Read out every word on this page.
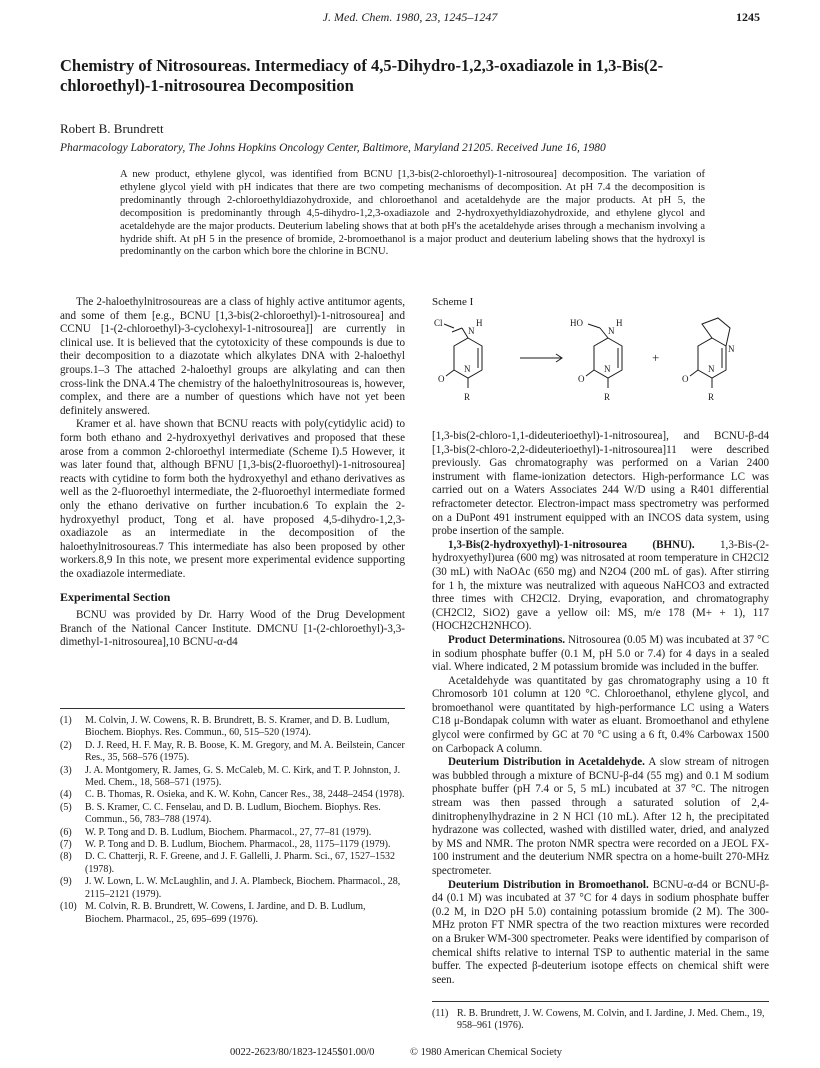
J. Med. Chem. 1980, 23, 1245–1247	1245
Chemistry of Nitrosoureas. Intermediacy of 4,5-Dihydro-1,2,3-oxadiazole in 1,3-Bis(2-chloroethyl)-1-nitrosourea Decomposition
Robert B. Brundrett
Pharmacology Laboratory, The Johns Hopkins Oncology Center, Baltimore, Maryland 21205. Received June 16, 1980

A new product, ethylene glycol, was identified from BCNU [1,3-bis(2-chloroethyl)-1-nitrosourea] decomposition. The variation of ethylene glycol yield with pH indicates that there are two competing mechanisms of decomposition. At pH 7.4 the decomposition is predominantly through 2-chloroethyldiazohydroxide, and chloroethanol and acetaldehyde are the major products. At pH 5, the decomposition is predominantly through 4,5-dihydro-1,2,3-oxadiazole and 2-hydroxyethyldiazohydroxide, and ethylene glycol and acetaldehyde are the major products. Deuterium labeling shows that at both pH's the acetaldehyde arises through a mechanism involving a hydride shift. At pH 5 in the presence of bromide, 2-bromoethanol is a major product and deuterium labeling shows that the hydroxyl is predominantly on the carbon which bore the chlorine in BCNU.

The 2-haloethylnitrosoureas are a class of highly active antitumor agents, and some of them [e.g., BCNU [1,3-bis(2-chloroethyl)-1-nitrosourea] and CCNU [1-(2-chloroethyl)-3-cyclohexyl-1-nitrosourea]] are currently in clinical use. It is believed that the cytotoxicity of these compounds is due to their decomposition to a diazotate which alkylates DNA with 2-haloethyl groups.1–3 The attached 2-haloethyl groups are alkylating and can then cross-link the DNA.4 The chemistry of the haloethylnitrosoureas is, however, complex, and there are a number of questions which have not yet been definitely answered.

Kramer et al. have shown that BCNU reacts with poly(cytidylic acid) to form both ethano and 2-hydroxyethyl derivatives and proposed that these arose from a common 2-chloroethyl intermediate (Scheme I).5 However, it was later found that, although BFNU [1,3-bis(2-fluoroethyl)-1-nitrosourea] reacts with cytidine to form both the hydroxyethyl and ethano derivatives as well as the 2-fluoroethyl intermediate, the 2-fluoroethyl intermediate formed only the ethano derivative on further incubation.6 To explain the 2-hydroxyethyl product, Tong et al. have proposed 4,5-dihydro-1,2,3-oxadiazole as an intermediate in the decomposition of the haloethylnitrosoureas.7 This intermediate has also been proposed by other workers.8,9 In this note, we present more experimental evidence supporting the oxadiazole intermediate.

Experimental Section

BCNU was provided by Dr. Harry Wood of the Drug Development Branch of the National Cancer Institute. DMCNU [1-(2-chloroethyl)-3,3-dimethyl-1-nitrosourea],10 BCNU-α-d4

(1) M. Colvin, J. W. Cowens, R. B. Brundrett, B. S. Kramer, and D. B. Ludlum, Biochem. Biophys. Res. Commun., 60, 515–520 (1974).
(2) D. J. Reed, H. F. May, R. B. Boose, K. M. Gregory, and M. A. Beilstein, Cancer Res., 35, 568–576 (1975).
(3) J. A. Montgomery, R. James, G. S. McCaleb, M. C. Kirk, and T. P. Johnston, J. Med. Chem., 18, 568–571 (1975).
(4) C. B. Thomas, R. Osieka, and K. W. Kohn, Cancer Res., 38, 2448–2454 (1978).
(5) B. S. Kramer, C. C. Fenselau, and D. B. Ludlum, Biochem. Biophys. Res. Commun., 56, 783–788 (1974).
(6) W. P. Tong and D. B. Ludlum, Biochem. Pharmacol., 27, 77–81 (1979).
(7) W. P. Tong and D. B. Ludlum, Biochem. Pharmacol., 28, 1175–1179 (1979).
(8) D. C. Chatterji, R. F. Greene, and J. F. Gallelli, J. Pharm. Sci., 67, 1527–1532 (1978).
(9) J. W. Lown, L. W. McLaughlin, and J. A. Plambeck, Biochem. Pharmacol., 28, 2115–2121 (1979).
(10) M. Colvin, R. B. Brundrett, W. Cowens, I. Jardine, and D. B. Ludlum, Biochem. Pharmacol., 25, 695–699 (1976).
Scheme I
Cl
N
H
N
O
R
HO
N
H
N
O
R
+
N
N
O
R

[1,3-bis(2-chloro-1,1-dideuterioethyl)-1-nitrosourea], and BCNU-β-d4 [1,3-bis(2-chloro-2,2-dideuterioethyl)-1-nitrosourea]11 were described previously. Gas chromatography was performed on a Varian 2400 instrument with flame-ionization detectors. High-performance LC was carried out on a Waters Associates 244 W/D using a R401 differential refractometer detector. Electron-impact mass spectrometry was performed on a DuPont 491 instrument equipped with an INCOS data system, using probe insertion of the sample.

1,3-Bis(2-hydroxyethyl)-1-nitrosourea (BHNU). 1,3-Bis-(2-hydroxyethyl)urea (600 mg) was nitrosated at room temperature in CH2Cl2 (30 mL) with NaOAc (650 mg) and N2O4 (200 mL of gas). After stirring for 1 h, the mixture was neutralized with aqueous NaHCO3 and extracted three times with CH2Cl2. Drying, evaporation, and chromatography (CH2Cl2, SiO2) gave a yellow oil: MS, m/e 178 (M+ + 1), 117 (HOCH2CH2NHCO).

Product Determinations. Nitrosourea (0.05 M) was incubated at 37 °C in sodium phosphate buffer (0.1 M, pH 5.0 or 7.4) for 4 days in a sealed vial. Where indicated, 2 M potassium bromide was included in the buffer.

Acetaldehyde was quantitated by gas chromatography using a 10 ft Chromosorb 101 column at 120 °C. Chloroethanol, ethylene glycol, and bromoethanol were quantitated by high-performance LC using a Waters C18 μ-Bondapak column with water as eluant. Bromoethanol and ethylene glycol were confirmed by GC at 70 °C using a 6 ft, 0.4% Carbowax 1500 on Carbopack A column.

Deuterium Distribution in Acetaldehyde. A slow stream of nitrogen was bubbled through a mixture of BCNU-β-d4 (55 mg) and 0.1 M sodium phosphate buffer (pH 7.4 or 5, 5 mL) incubated at 37 °C. The nitrogen stream was then passed through a saturated solution of 2,4-dinitrophenylhydrazine in 2 N HCl (10 mL). After 12 h, the precipitated hydrazone was collected, washed with distilled water, dried, and analyzed by MS and NMR. The proton NMR spectra were recorded on a JEOL FX-100 instrument and the deuterium NMR spectra on a home-built 270-MHz spectrometer.

Deuterium Distribution in Bromoethanol. BCNU-α-d4 or BCNU-β-d4 (0.1 M) was incubated at 37 °C for 4 days in sodium phosphate buffer (0.2 M, in D2O pH 5.0) containing potassium bromide (2 M). The 300-MHz proton FT NMR spectra of the two reaction mixtures were recorded on a Bruker WM-300 spectrometer. Peaks were identified by comparison of chemical shifts relative to internal TSP to authentic material in the same buffer. The expected β-deuterium isotope effects on chemical shift were seen.

(11) R. B. Brundrett, J. W. Cowens, M. Colvin, and I. Jardine, J. Med. Chem., 19, 958–961 (1976).
0022-2623/80/1823-1245$01.00/0	© 1980 American Chemical Society
